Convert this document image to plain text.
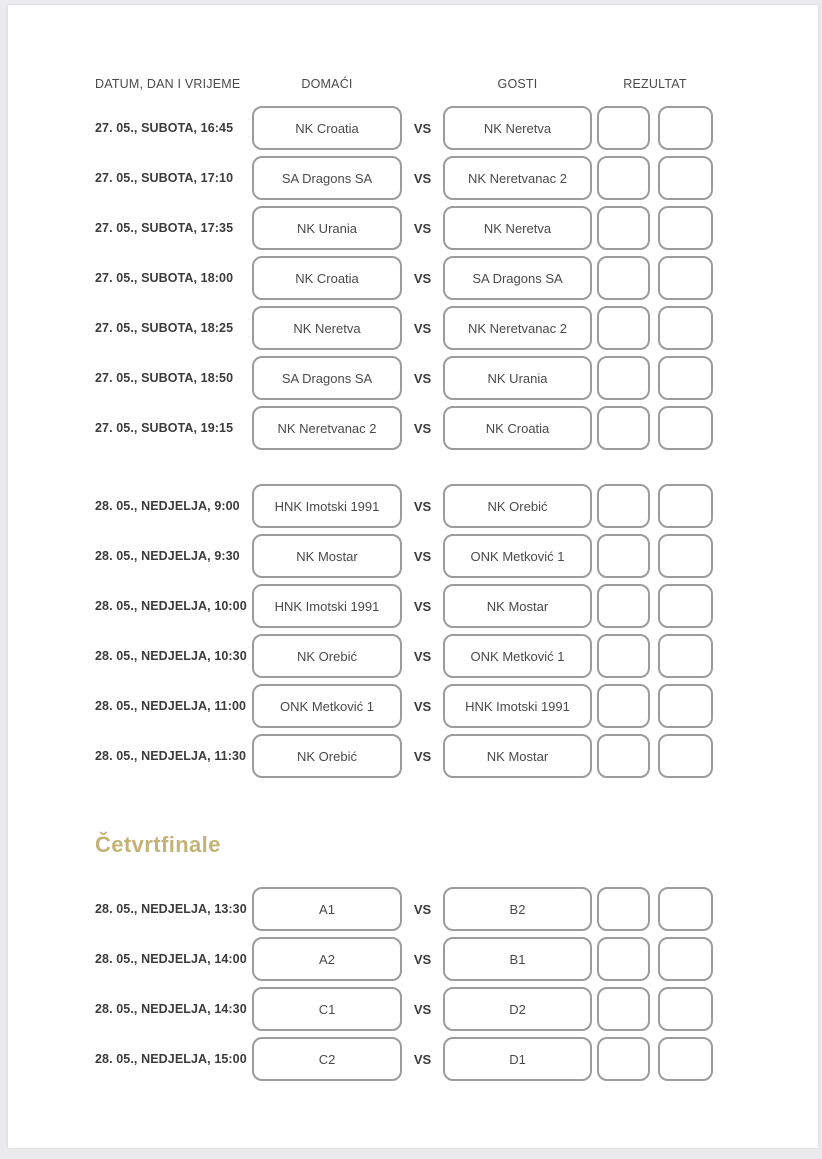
DATUM, DAN I VRIJEME	DOMAĆI	GOSTI	REZULTAT
27. 05., SUBOTA, 16:45	NK Croatia	VS	NK Neretva
27. 05., SUBOTA, 17:10	SA Dragons SA	VS	NK Neretvanac 2
27. 05., SUBOTA, 17:35	NK Urania	VS	NK Neretva
27. 05., SUBOTA, 18:00	NK Croatia	VS	SA Dragons SA
27. 05., SUBOTA, 18:25	NK Neretva	VS	NK Neretvanac 2
27. 05., SUBOTA, 18:50	SA Dragons SA	VS	NK Urania
27. 05., SUBOTA, 19:15	NK Neretvanac 2	VS	NK Croatia
28. 05., NEDJELJA, 9:00	HNK Imotski 1991	VS	NK Orebić
28. 05., NEDJELJA, 9:30	NK Mostar	VS	ONK Metković 1
28. 05., NEDJELJA, 10:00	HNK Imotski 1991	VS	NK Mostar
28. 05., NEDJELJA, 10:30	NK Orebić	VS	ONK Metković 1
28. 05., NEDJELJA, 11:00	ONK Metković 1	VS	HNK Imotski 1991
28. 05., NEDJELJA, 11:30	NK Orebić	VS	NK Mostar
Četvrtfinale
28. 05., NEDJELJA, 13:30	A1	VS	B2
28. 05., NEDJELJA, 14:00	A2	VS	B1
28. 05., NEDJELJA, 14:30	C1	VS	D2
28. 05., NEDJELJA, 15:00	C2	VS	D1
